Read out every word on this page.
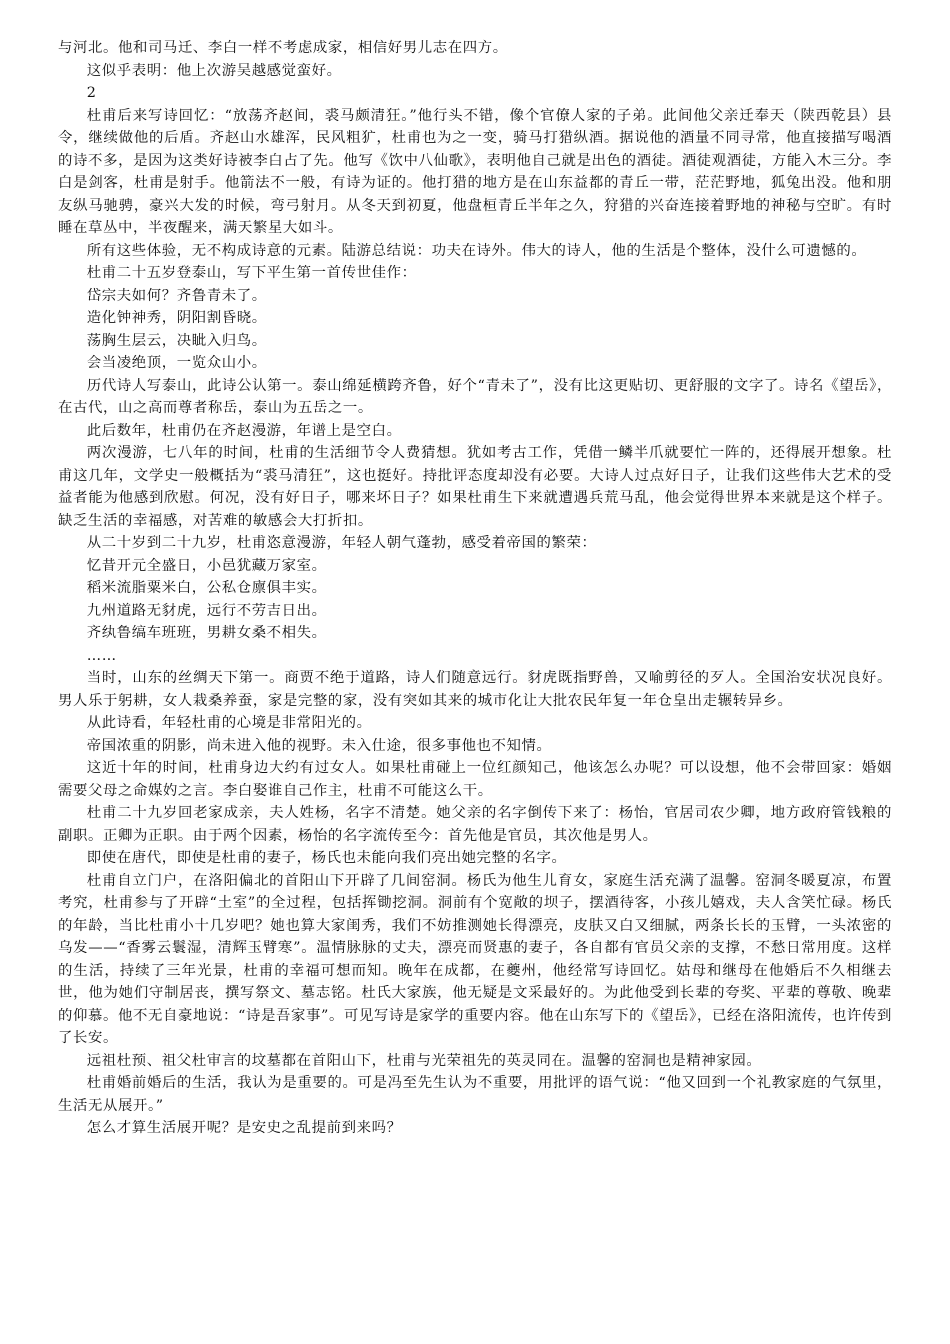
与河北。他和司马迁、李白一样不考虑成家，相信好男儿志在四方。

这似乎表明：他上次游吴越感觉蛮好。

2

杜甫后来写诗回忆：“放荡齐赵间，裘马颇清狂。”他行头不错，像个官僚人家的子弟。此间他父亲迁奉天（陕西乾县）县令，继续做他的后盾。齐赵山水雄浑，民风粗犷，杜甫也为之一变，骑马打猎纵酒。据说他的酒量不同寻常，他直接描写喝酒的诗不多，是因为这类好诗被李白占了先。他写《饮中八仙歌》，表明他自己就是出色的酒徒。酒徒观酒徒，方能入木三分。李白是剑客，杜甫是射手。他箭法不一般，有诗为证的。他打猎的地方是在山东益都的青丘一带，茫茫野地，狐兔出没。他和朋友纵马驰骋，豪兴大发的时候，弯弓射月。从冬天到初夏，他盘桓青丘半年之久，狩猎的兴奋连接着野地的神秘与空旷。有时睡在草丛中，半夜醒来，满天繁星大如斗。

所有这些体验，无不构成诗意的元素。陆游总结说：功夫在诗外。伟大的诗人，他的生活是个整体，没什么可遗憾的。

杜甫二十五岁登泰山，写下平生第一首传世佳作：

岱宗夫如何？齐鲁青未了。

造化钟神秀，阴阳割昏晓。

荡胸生层云，决眦入归鸟。

会当凌绝顶，一览众山小。

历代诗人写泰山，此诗公认第一。泰山绵延横跨齐鲁，好个“青未了”，没有比这更贴切、更舒服的文字了。诗名《望岳》，在古代，山之高而尊者称岳，泰山为五岳之一。

此后数年，杜甫仍在齐赵漫游，年谱上是空白。

两次漫游，七八年的时间，杜甫的生活细节令人费猜想。犹如考古工作，凭借一鳞半爪就要忙一阵的，还得展开想象。杜甫这几年，文学史一般概括为“裘马清狂”，这也挺好。持批评态度却没有必要。大诗人过点好日子，让我们这些伟大艺术的受益者能为他感到欣慰。何况，没有好日子，哪来坏日子？如果杜甫生下来就遭遇兵荒马乱，他会觉得世界本来就是这个样子。缺乏生活的幸福感，对苦难的敏感会大打折扣。

从二十岁到二十九岁，杜甫恣意漫游，年轻人朝气蓬勃，感受着帝国的繁荣：

忆昔开元全盛日，小邑犹藏万家室。

稻米流脂粟米白，公私仓廪俱丰实。

九州道路无豺虎，远行不劳吉日出。

齐纨鲁缟车班班，男耕女桑不相失。

……

当时，山东的丝绸天下第一。商贾不绝于道路，诗人们随意远行。豺虎既指野兽，又喻剪径的歹人。全国治安状况良好。男人乐于躬耕，女人栽桑养蚕，家是完整的家，没有突如其来的城市化让大批农民年复一年仓皇出走辗转异乡。

从此诗看，年轻杜甫的心境是非常阳光的。

帝国浓重的阴影，尚未进入他的视野。未入仕途，很多事他也不知情。

这近十年的时间，杜甫身边大约有过女人。如果杜甫碰上一位红颜知己，他该怎么办呢？可以设想，他不会带回家：婚姻需要父母之命媒妁之言。李白娶谁自己作主，杜甫不可能这么干。

杜甫二十九岁回老家成亲，夫人姓杨，名字不清楚。她父亲的名字倒传下来了：杨怡，官居司农少卿，地方政府管钱粮的副职。正卿为正职。由于两个因素，杨怡的名字流传至今：首先他是官员，其次他是男人。

即使在唐代，即使是杜甫的妻子，杨氏也未能向我们亮出她完整的名字。

杜甫自立门户，在洛阳偏北的首阳山下开辟了几间窑洞。杨氏为他生儿育女，家庭生活充满了温馨。窑洞冬暖夏凉，布置考究，杜甫参与了开辟“土室”的全过程，包括挥锄挖洞。洞前有个宽敞的坝子，摆酒待客，小孩儿嬉戏，夫人含笑忙碌。杨氏的年龄，当比杜甫小十几岁吧？她也算大家闺秀，我们不妨推测她长得漂亮，皮肤又白又细腻，两条长长的玉臂，一头浓密的乌发——“香雾云鬟湿，清辉玉臂寒”。温情脉脉的丈夫，漂亮而贤惠的妻子，各自都有官员父亲的支撑，不愁日常用度。这样的生活，持续了三年光景，杜甫的幸福可想而知。晚年在成都，在夔州，他经常写诗回忆。姑母和继母在他婚后不久相继去世，他为她们守制居丧，撰写祭文、墓志铭。杜氏大家族，他无疑是文采最好的。为此他受到长辈的夸奖、平辈的尊敬、晚辈的仰慕。他不无自豪地说：“诗是吾家事”。可见写诗是家学的重要内容。他在山东写下的《望岳》，已经在洛阳流传，也许传到了长安。

远祖杜预、祖父杜审言的坟墓都在首阳山下，杜甫与光荣祖先的英灵同在。温馨的窑洞也是精神家园。

杜甫婚前婚后的生活，我认为是重要的。可是冯至先生认为不重要，用批评的语气说：“他又回到一个礼教家庭的气氛里，生活无从展开。”

怎么才算生活展开呢？是安史之乱提前到来吗？
